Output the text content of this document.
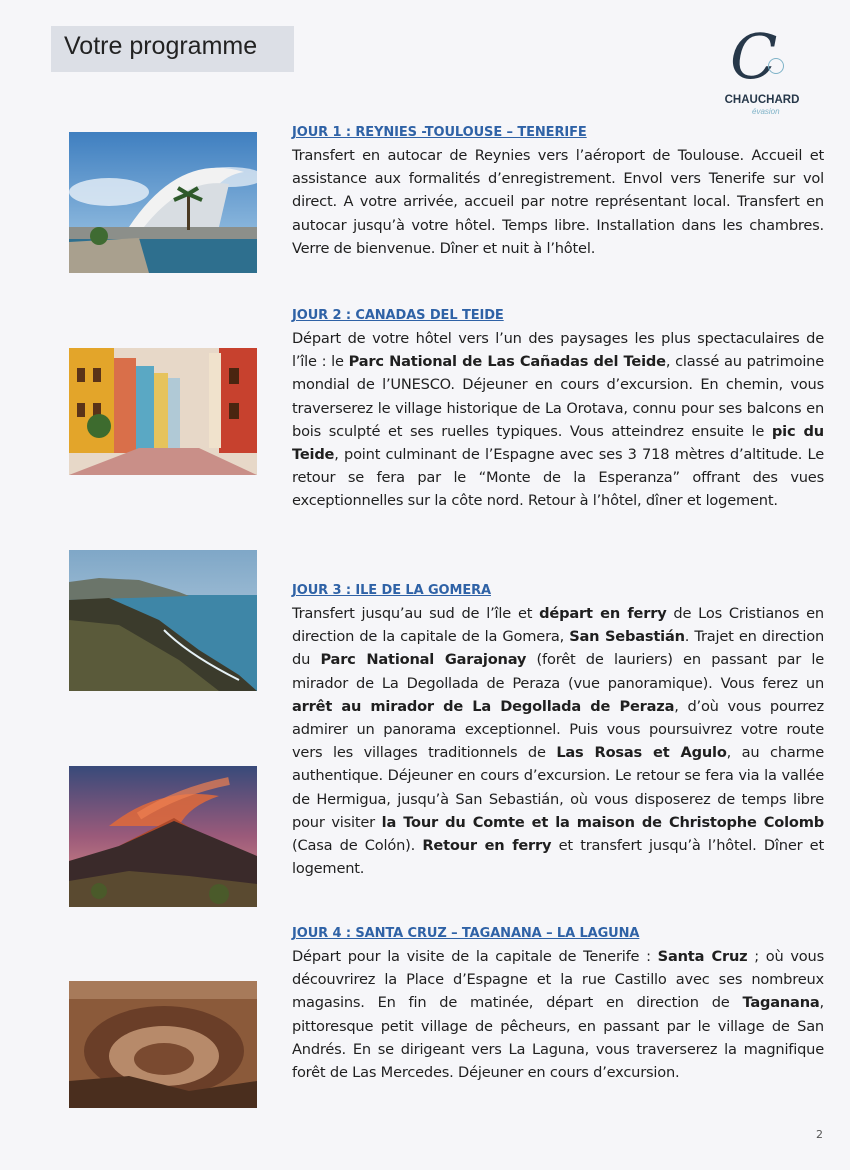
Votre programme	C
CHAUCHARD
évasion
JOUR 1 : REYNIES -TOULOUSE – TENERIFE

Transfert en autocar de Reynies vers l’aéroport de Toulouse. Accueil et assistance aux formalités d’enregistrement. Envol vers Tenerife sur vol direct. A votre arrivée, accueil par notre représentant local. Transfert en autocar jusqu’à votre hôtel. Temps libre. Installation dans les chambres. Verre de bienvenue. Dîner et nuit à l’hôtel.

JOUR 2 : CANADAS DEL TEIDE

Départ de votre hôtel vers l’un des paysages les plus spectaculaires de l’île : le Parc National de Las Cañadas del Teide, classé au patrimoine mondial de l’UNESCO. Déjeuner en cours d’excursion. En chemin, vous traverserez le village historique de La Orotava, connu pour ses balcons en bois sculpté et ses ruelles typiques. Vous atteindrez ensuite le pic du Teide, point culminant de l’Espagne avec ses 3 718 mètres d’altitude. Le retour se fera par le “Monte de la Esperanza” offrant des vues exceptionnelles sur la côte nord. Retour à l’hôtel, dîner et logement.

JOUR 3 : ILE DE LA GOMERA

Transfert jusqu’au sud de l’île et départ en ferry de Los Cristianos en direction de la capitale de la Gomera, San Sebastián. Trajet en direction du Parc National Garajonay (forêt de lauriers) en passant par le mirador de La Degollada de Peraza (vue panoramique). Vous ferez un arrêt au mirador de La Degollada de Peraza, d’où vous pourrez admirer un panorama exceptionnel. Puis vous poursuivrez votre route vers les villages traditionnels de Las Rosas et Agulo, au charme authentique. Déjeuner en cours d’excursion. Le retour se fera via la vallée de Hermigua, jusqu’à San Sebastián, où vous disposerez de temps libre pour visiter la Tour du Comte et la maison de Christophe Colomb (Casa de Colón). Retour en ferry et transfert jusqu’à l’hôtel. Dîner et logement.

JOUR 4 : SANTA CRUZ – TAGANANA – LA LAGUNA

Départ pour la visite de la capitale de Tenerife : Santa Cruz ; où vous découvrirez la Place d’Espagne et la rue Castillo avec ses nombreux magasins. En fin de matinée, départ en direction de Taganana, pittoresque petit village de pêcheurs, en passant par le village de San Andrés. En se dirigeant vers La Laguna, vous traverserez la magnifique forêt de Las Mercedes. Déjeuner en cours d’excursion.

2
